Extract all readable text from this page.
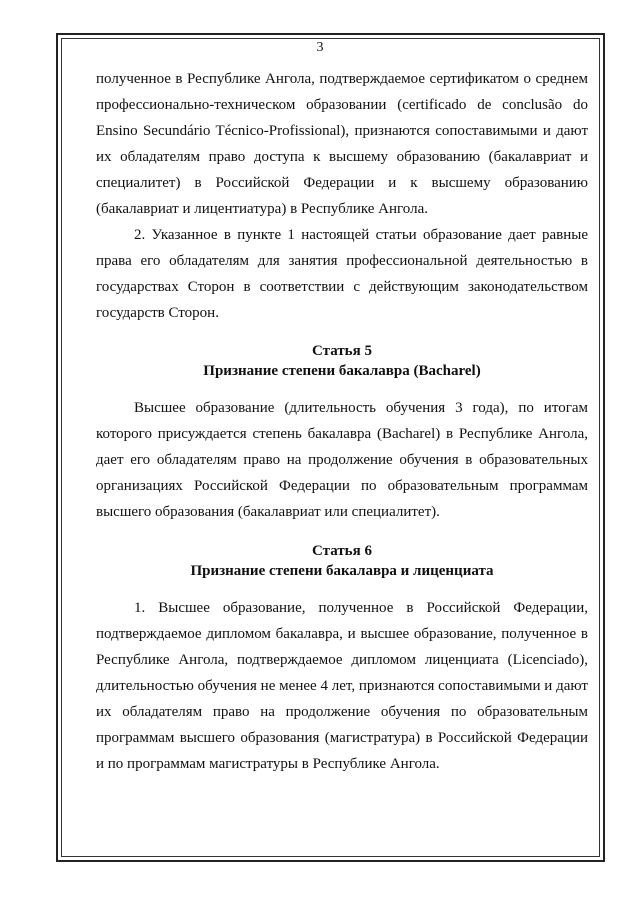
3

полученное в Республике Ангола, подтверждаемое сертификатом о среднем профессионально-техническом образовании (certificado de conclusão do Ensino Secundário Técnico-Profissional), признаются сопоставимыми и дают их обладателям право доступа к высшему образованию (бакалавриат и специалитет) в Российской Федерации и к высшему образованию (бакалавриат и лицентиатура) в Республике Ангола.

2. Указанное в пункте 1 настоящей статьи образование дает равные права его обладателям для занятия профессиональной деятельностью в государствах Сторон в соответствии с действующим законодательством государств Сторон.

Статья 5

Признание степени бакалавра (Bacharel)

Высшее образование (длительность обучения 3 года), по итогам которого присуждается степень бакалавра (Bacharel) в Республике Ангола, дает его обладателям право на продолжение обучения в образовательных организациях Российской Федерации по образовательным программам высшего образования (бакалавриат или специалитет).

Статья 6

Признание степени бакалавра и лиценциата

1. Высшее образование, полученное в Российской Федерации, подтверждаемое дипломом бакалавра, и высшее образование, полученное в Республике Ангола, подтверждаемое дипломом лиценциата (Licenciado), длительностью обучения не менее 4 лет, признаются сопоставимыми и дают их обладателям право на продолжение обучения по образовательным программам высшего образования (магистратура) в Российской Федерации и по программам магистратуры в Республике Ангола.
